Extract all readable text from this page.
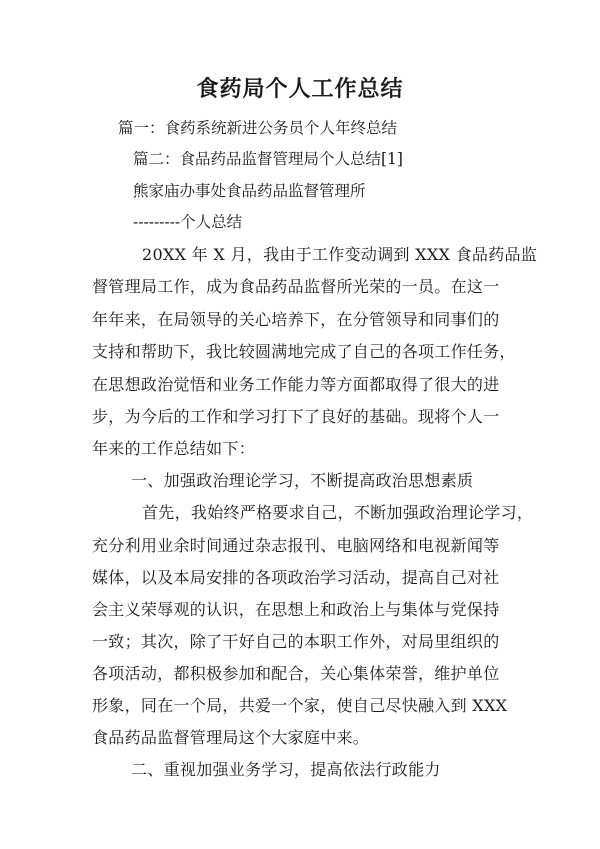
食药局个人工作总结
篇一：食药系统新进公务员个人年终总结
篇二：食品药品监督管理局个人总结[1]
熊家庙办事处食品药品监督管理所
---------个人总结
20XX 年 X 月，我由于工作变动调到 XXX 食品药品监
督管理局工作，成为食品药品监督所光荣的一员。在这一
年年来，在局领导的关心培养下，在分管领导和同事们的
支持和帮助下，我比较圆满地完成了自己的各项工作任务，
在思想政治觉悟和业务工作能力等方面都取得了很大的进
步，为今后的工作和学习打下了良好的基础。现将个人一
年来的工作总结如下：
一、加强政治理论学习，不断提高政治思想素质
首先，我始终严格要求自己，不断加强政治理论学习，
充分利用业余时间通过杂志报刊、电脑网络和电视新闻等
媒体，以及本局安排的各项政治学习活动，提高自己对社
会主义荣辱观的认识，在思想上和政治上与集体与党保持
一致；其次，除了干好自己的本职工作外，对局里组织的
各项活动，都积极参加和配合，关心集体荣誉，维护单位
形象，同在一个局，共爱一个家，使自己尽快融入到 XXX
食品药品监督管理局这个大家庭中来。
二、重视加强业务学习，提高依法行政能力
